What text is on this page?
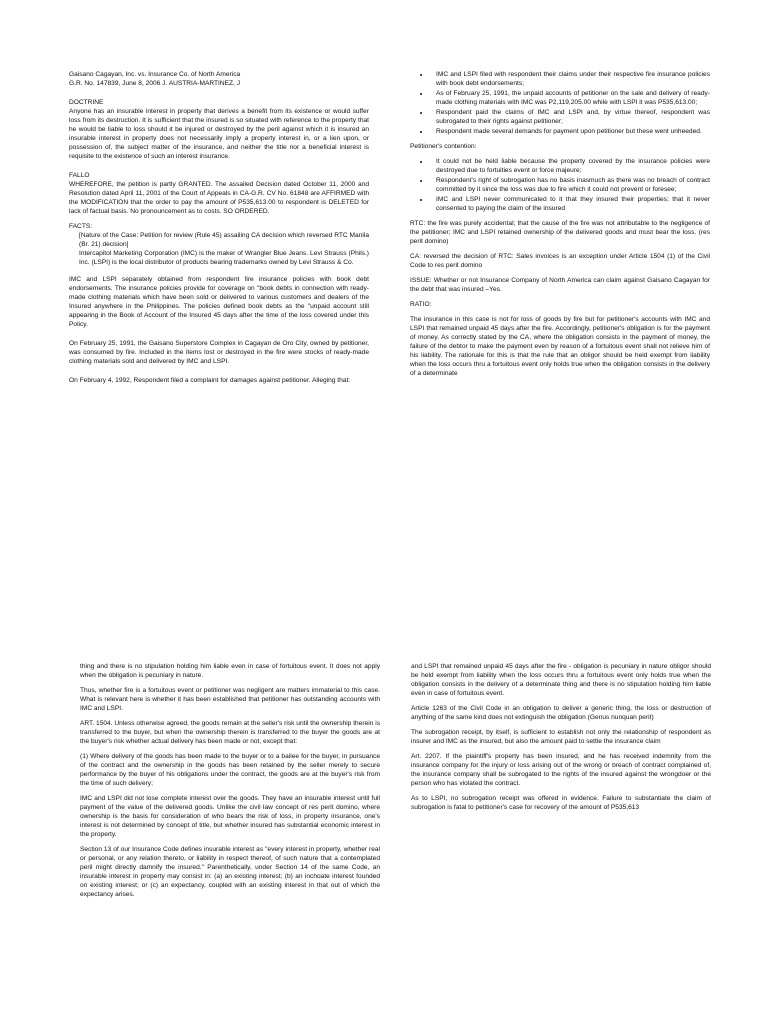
Gaisano Cagayan, Inc. vs. Insurance Co. of North America

G.R. No. 147839, June 8, 2006 J. AUSTRIA-MARTINEZ, J

DOCTRINE

Anyone has an insurable interest in property that derives a benefit from its existence or would suffer loss from its destruction. It is sufficient that the insured is so situated with reference to the property that he would be liable to loss should it be injured or destroyed by the peril against which it is insured an insurable interest in property does not necessarily imply a property interest in, or a lien upon, or possession of, the subject matter of the insurance, and neither the title nor a beneficial interest is requisite to the existence of such an interest insurance.

FALLO

WHEREFORE, the petition is partly GRANTED. The assailed Decision dated October 11, 2000 and Resolution dated April 11, 2001 of the Court of Appeals in CA-G.R. CV No. 61848 are AFFIRMED with the MODIFICATION that the order to pay the amount of P535,613.00 to respondent is DELETED for lack of factual basis. No pronouncement as to costs. SO ORDERED.

FACTS:

[Nature of the Case: Petition for review (Rule 45) assailing CA decision which reversed RTC Manila (Br. 21) decision]

Intercapitol Marketing Corporation (IMC) is the maker of Wrangler Blue Jeans. Levi Strauss (Phils.) Inc. (LSPI) is the local distributor of products bearing trademarks owned by Levi Strauss & Co.

IMC and LSPI separately obtained from respondent fire insurance policies with book debt endorsements. The insurance policies provide for coverage on "book debts in connection with ready-made clothing materials which have been sold or delivered to various customers and dealers of the Insured anywhere in the Philippines. The policies defined book debts as the "unpaid account still appearing in the Book of Account of the Insured 45 days after the time of the loss covered under this Policy.

On February 25, 1991, the Gaisano Superstore Complex in Cagayan de Oro City, owned by petitioner, was consumed by fire. Included in the items lost or destroyed in the fire were stocks of ready-made clothing materials sold and delivered by IMC and LSPI.

On February 4, 1992, Respondent filed a complaint for damages against petitioner. Alleging that:

• IMC and LSPI filed with respondent their claims under their respective fire insurance policies with book debt endorsements;
• As of February 25, 1991, the unpaid accounts of petitioner on the sale and delivery of ready-made clothing materials with IMC was P2,119,205.00 while with LSPI it was P535,613.00;
• Respondent paid the claims of IMC and LSPI and, by virtue thereof, respondent was subrogated to their rights against petitioner;
• Respondent made several demands for payment upon petitioner but these went unheeded.

Petitioner's contention:

• It could not be held liable because the property covered by the insurance policies were destroyed due to fortuities event or force majeure;
• Respondent's right of subrogation has no basis inasmuch as there was no breach of contract committed by it since the loss was due to fire which it could not prevent or foresee;
• IMC and LSPI never communicated to it that they insured their properties; that it never consented to paying the claim of the insured

RTC: the fire was purely accidental; that the cause of the fire was not attributable to the negligence of the petitioner; IMC and LSPI retained ownership of the delivered goods and must bear the loss. (res perit domino)

CA: reversed the decision of RTC: Sales invoices is an exception under Article 1504 (1) of the Civil Code to res perit domino

ISSUE: Whether or not Insurance Company of North America can claim against Gaisano Cagayan for the debt that was insured –Yes.

RATIO:

The insurance in this case is not for loss of goods by fire but for petitioner's accounts with IMC and LSPI that remained unpaid 45 days after the fire. Accordingly, petitioner's obligation is for the payment of money. As correctly stated by the CA, where the obligation consists in the payment of money, the failure of the debtor to make the payment even by reason of a fortuitous event shall not relieve him of his liability. The rationale for this is that the rule that an obligor should be held exempt from liability when the loss occurs thru a fortuitous event only holds true when the obligation consists in the delivery of a determinate

thing and there is no stipulation holding him liable even in case of fortuitous event. It does not apply when the obligation is pecuniary in nature.

Thus, whether fire is a fortuitous event or petitioner was negligent are matters immaterial to this case. What is relevant here is whether it has been established that petitioner has outstanding accounts with IMC and LSPI.

ART. 1504. Unless otherwise agreed, the goods remain at the seller's risk until the ownership therein is transferred to the buyer, but when the ownership therein is transferred to the buyer the goods are at the buyer's risk whether actual delivery has been made or not, except that:

(1) Where delivery of the goods has been made to the buyer or to a bailee for the buyer, in pursuance of the contract and the ownership in the goods has been retained by the seller merely to secure performance by the buyer of his obligations under the contract, the goods are at the buyer's risk from the time of such delivery;

IMC and LSPI did not lose complete interest over the goods. They have an insurable interest until full payment of the value of the delivered goods. Unlike the civil law concept of res perit domino, where ownership is the basis for consideration of who bears the risk of loss, in property insurance, one's interest is not determined by concept of title, but whether insured has substantial economic interest in the property.

Section 13 of our Insurance Code defines insurable interest as "every interest in property, whether real or personal, or any relation thereto, or liability in respect thereof, of such nature that a contemplated peril might directly damnify the insured." Parenthetically, under Section 14 of the same Code, an insurable interest in property may consist in: (a) an existing interest; (b) an inchoate interest founded on existing interest; or (c) an expectancy, coupled with an existing interest in that out of which the expectancy arises.

and LSPI that remained unpaid 45 days after the fire - obligation is pecuniary in nature obligor should be held exempt from liability when the loss occurs thru a fortuitous event only holds true when the obligation consists in the delivery of a determinate thing and there is no stipulation holding him liable even in case of fortuitous event.

Article 1263 of the Civil Code in an obligation to deliver a generic thing, the loss or destruction of anything of the same kind does not extinguish the obligation (Genus nunquan perit)

The subrogation receipt, by itself, is sufficient to establish not only the relationship of respondent as insurer and IMC as the insured, but also the amount paid to settle the insurance claim

Art. 2207. If the plaintiff's property has been insured, and he has received indemnity from the insurance company for the injury or loss arising out of the wrong or breach of contract complained of, the insurance company shall be subrogated to the rights of the insured against the wrongdoer or the person who has violated the contract.

As to LSPI, no subrogation receipt was offered in evidence. Failure to substantiate the claim of subrogation is fatal to petitioner's case for recovery of the amount of P535,613
